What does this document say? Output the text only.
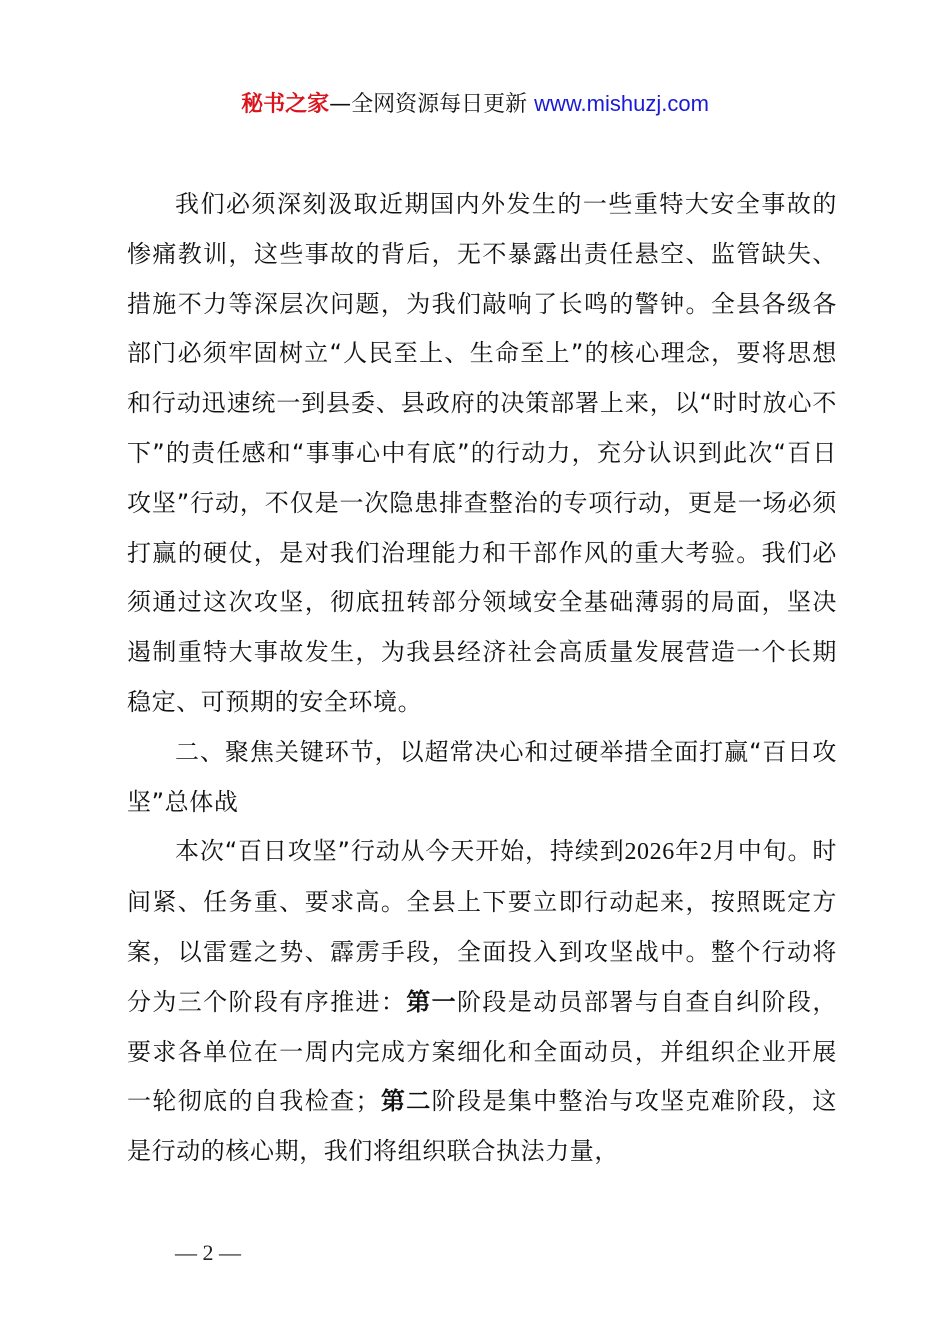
秘书之家—全网资源每日更新 www.mishuzj.com

我们必须深刻汲取近期国内外发生的一些重特大安全事故的惨痛教训，这些事故的背后，无不暴露出责任悬空、监管缺失、措施不力等深层次问题，为我们敲响了长鸣的警钟。全县各级各部门必须牢固树立“人民至上、生命至上”的核心理念，要将思想和行动迅速统一到县委、县政府的决策部署上来，以“时时放心不下”的责任感和“事事心中有底”的行动力，充分认识到此次“百日攻坚”行动，不仅是一次隐患排查整治的专项行动，更是一场必须打赢的硬仗，是对我们治理能力和干部作风的重大考验。我们必须通过这次攻坚，彻底扭转部分领域安全基础薄弱的局面，坚决遏制重特大事故发生，为我县经济社会高质量发展营造一个长期稳定、可预期的安全环境。

二、聚焦关键环节，以超常决心和过硬举措全面打赢“百日攻坚”总体战

本次“百日攻坚”行动从今天开始，持续到2026年2月中旬。时间紧、任务重、要求高。全县上下要立即行动起来，按照既定方案，以雷霆之势、霹雳手段，全面投入到攻坚战中。整个行动将分为三个阶段有序推进：第一阶段是动员部署与自查自纠阶段，要求各单位在一周内完成方案细化和全面动员，并组织企业开展一轮彻底的自我检查；第二阶段是集中整治与攻坚克难阶段，这是行动的核心期，我们将组织联合执法力量，

— 2 —
